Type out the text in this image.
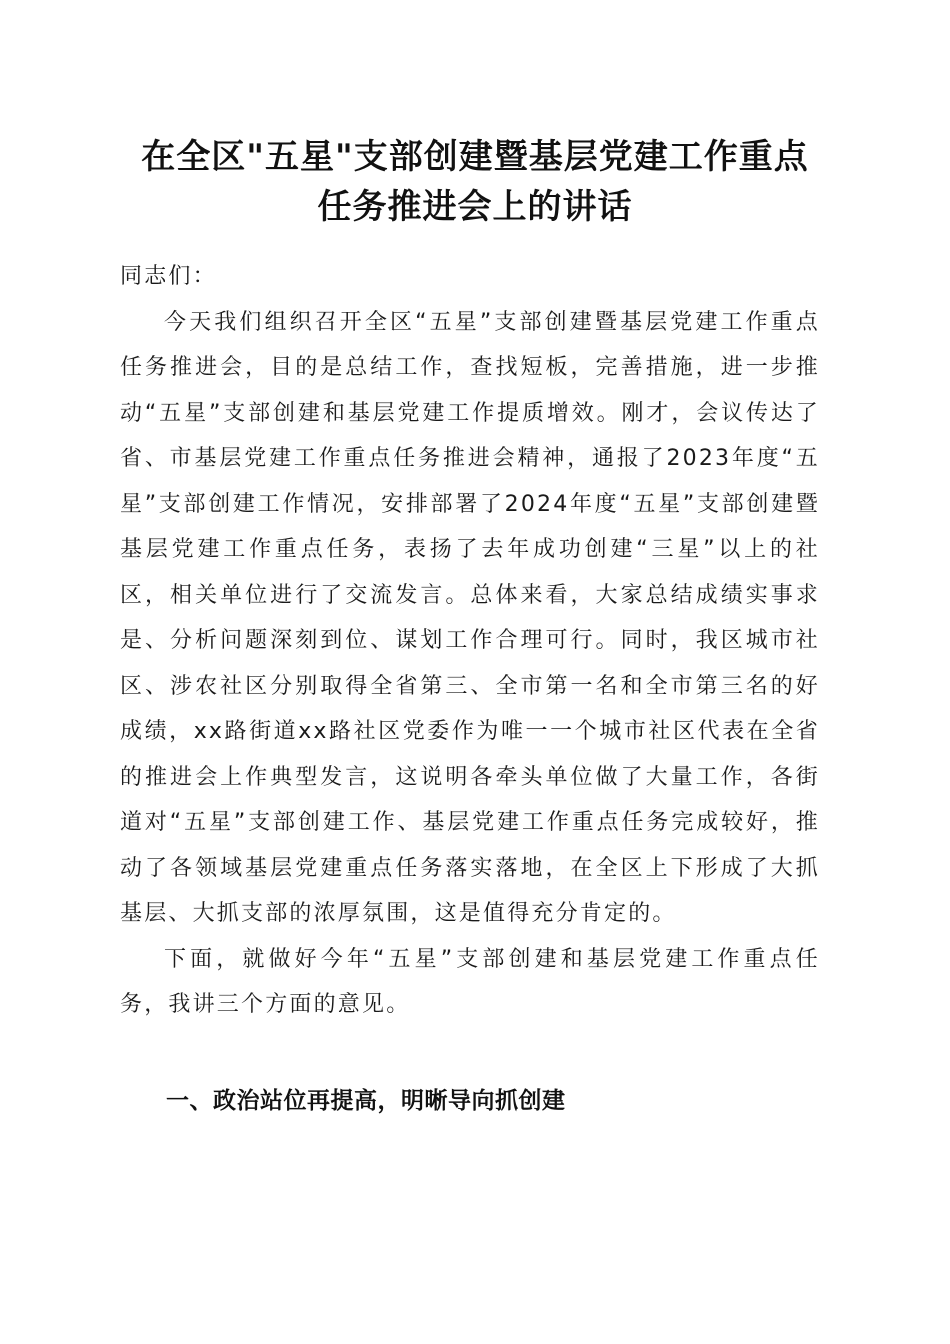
在全区"五星"支部创建暨基层党建工作重点
任务推进会上的讲话

同志们：

今天我们组织召开全区“五星”支部创建暨基层党建工作重点任务推进会，目的是总结工作，查找短板，完善措施，进一步推动“五星”支部创建和基层党建工作提质增效。刚才，会议传达了省、市基层党建工作重点任务推进会精神，通报了2023年度“五星”支部创建工作情况，安排部署了2024年度“五星”支部创建暨基层党建工作重点任务，表扬了去年成功创建“三星”以上的社区，相关单位进行了交流发言。总体来看，大家总结成绩实事求是、分析问题深刻到位、谋划工作合理可行。同时，我区城市社区、涉农社区分别取得全省第三、全市第一名和全市第三名的好成绩，xx路街道xx路社区党委作为唯一一个城市社区代表在全省的推进会上作典型发言，这说明各牵头单位做了大量工作，各街道对“五星”支部创建工作、基层党建工作重点任务完成较好，推动了各领域基层党建重点任务落实落地，在全区上下形成了大抓基层、大抓支部的浓厚氛围，这是值得充分肯定的。

下面，就做好今年“五星”支部创建和基层党建工作重点任务，我讲三个方面的意见。

一、政治站位再提高，明晰导向抓创建
